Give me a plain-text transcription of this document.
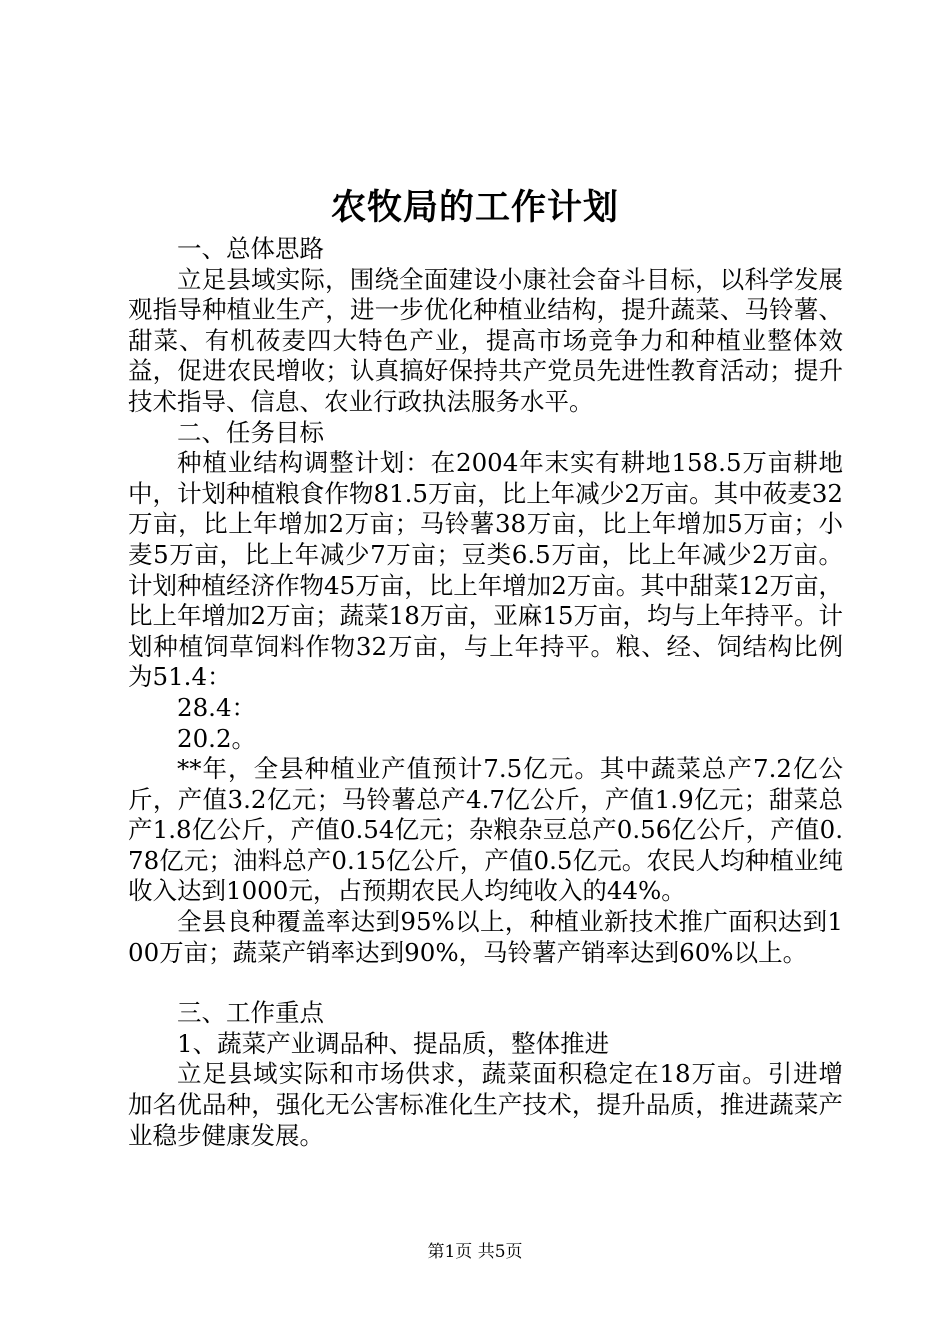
农牧局的工作计划

一、总体思路

立足县域实际，围绕全面建设小康社会奋斗目标，以科学发展观指导种植业生产，进一步优化种植业结构，提升蔬菜、马铃薯、甜菜、有机莜麦四大特色产业，提高市场竞争力和种植业整体效益，促进农民增收；认真搞好保持共产党员先进性教育活动；提升技术指导、信息、农业行政执法服务水平。

二、任务目标

种植业结构调整计划：在2004年末实有耕地158.5万亩耕地中，计划种植粮食作物81.5万亩，比上年减少2万亩。其中莜麦32万亩，比上年增加2万亩；马铃薯38万亩，比上年增加5万亩；小麦5万亩，比上年减少7万亩；豆类6.5万亩，比上年减少2万亩。计划种植经济作物45万亩，比上年增加2万亩。其中甜菜12万亩，比上年增加2万亩；蔬菜18万亩，亚麻15万亩，均与上年持平。计划种植饲草饲料作物32万亩，与上年持平。粮、经、饲结构比例为51.4：

28.4：

20.2。

**年，全县种植业产值预计7.5亿元。其中蔬菜总产7.2亿公斤，产值3.2亿元；马铃薯总产4.7亿公斤，产值1.9亿元；甜菜总产1.8亿公斤，产值0.54亿元；杂粮杂豆总产0.56亿公斤，产值0.78亿元；油料总产0.15亿公斤，产值0.5亿元。农民人均种植业纯收入达到1000元，占预期农民人均纯收入的44%。

全县良种覆盖率达到95%以上，种植业新技术推广面积达到100万亩；蔬菜产销率达到90%，马铃薯产销率达到60%以上。

三、工作重点

1、蔬菜产业调品种、提品质，整体推进

立足县域实际和市场供求，蔬菜面积稳定在18万亩。引进增加名优品种，强化无公害标准化生产技术，提升品质，推进蔬菜产业稳步健康发展。

第1页 共5页
